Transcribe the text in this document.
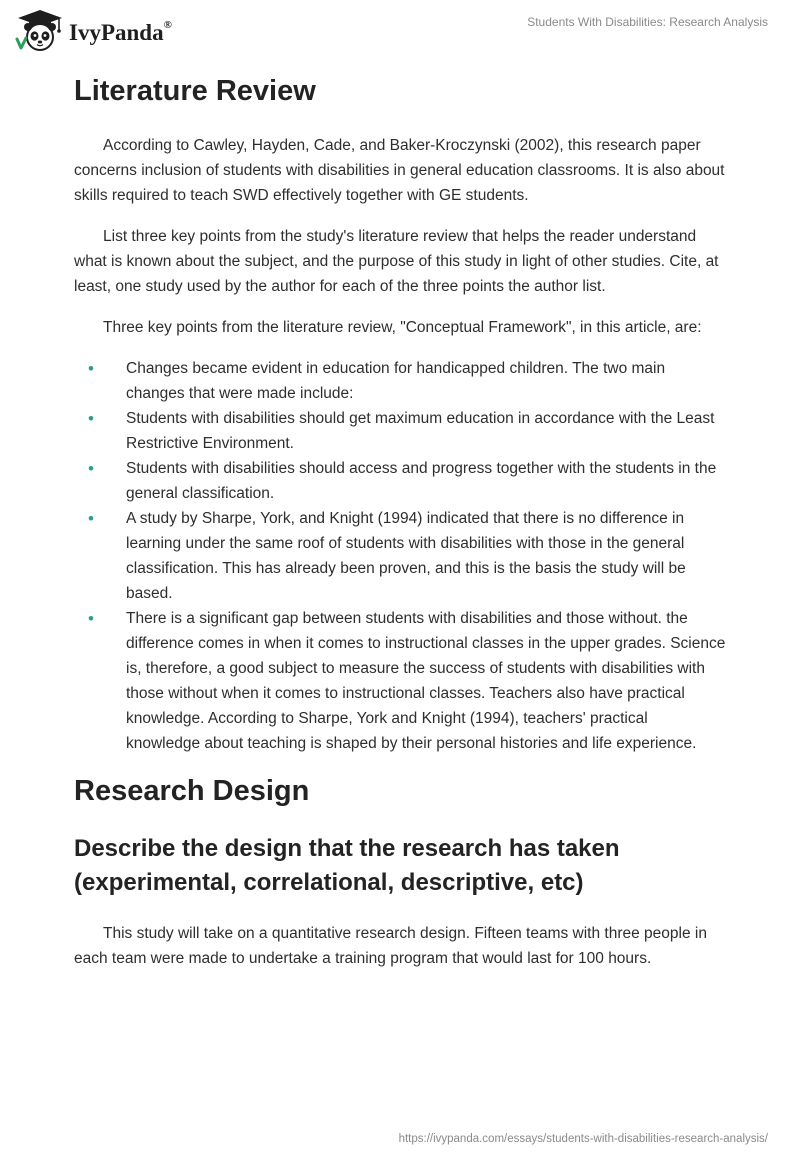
IvyPanda®	Students With Disabilities: Research Analysis
Literature Review

According to Cawley, Hayden, Cade, and Baker-Kroczynski (2002), this research paper concerns inclusion of students with disabilities in general education classrooms. It is also about skills required to teach SWD effectively together with GE students.

List three key points from the study's literature review that helps the reader understand what is known about the subject, and the purpose of this study in light of other studies. Cite, at least, one study used by the author for each of the three points the author list.

Three key points from the literature review, "Conceptual Framework", in this article, are:

• Changes became evident in education for handicapped children. The two main changes that were made include:
• Students with disabilities should get maximum education in accordance with the Least Restrictive Environment.
• Students with disabilities should access and progress together with the students in the general classification.
• A study by Sharpe, York, and Knight (1994) indicated that there is no difference in learning under the same roof of students with disabilities with those in the general classification. This has already been proven, and this is the basis the study will be based.
• There is a significant gap between students with disabilities and those without. the difference comes in when it comes to instructional classes in the upper grades. Science is, therefore, a good subject to measure the success of students with disabilities with those without when it comes to instructional classes. Teachers also have practical knowledge. According to Sharpe, York and Knight (1994), teachers' practical knowledge about teaching is shaped by their personal histories and life experience.
Research Design
Describe the design that the research has taken (experimental, correlational, descriptive, etc)

This study will take on a quantitative research design. Fifteen teams with three people in each team were made to undertake a training program that would last for 100 hours.

https://ivypanda.com/essays/students-with-disabilities-research-analysis/
